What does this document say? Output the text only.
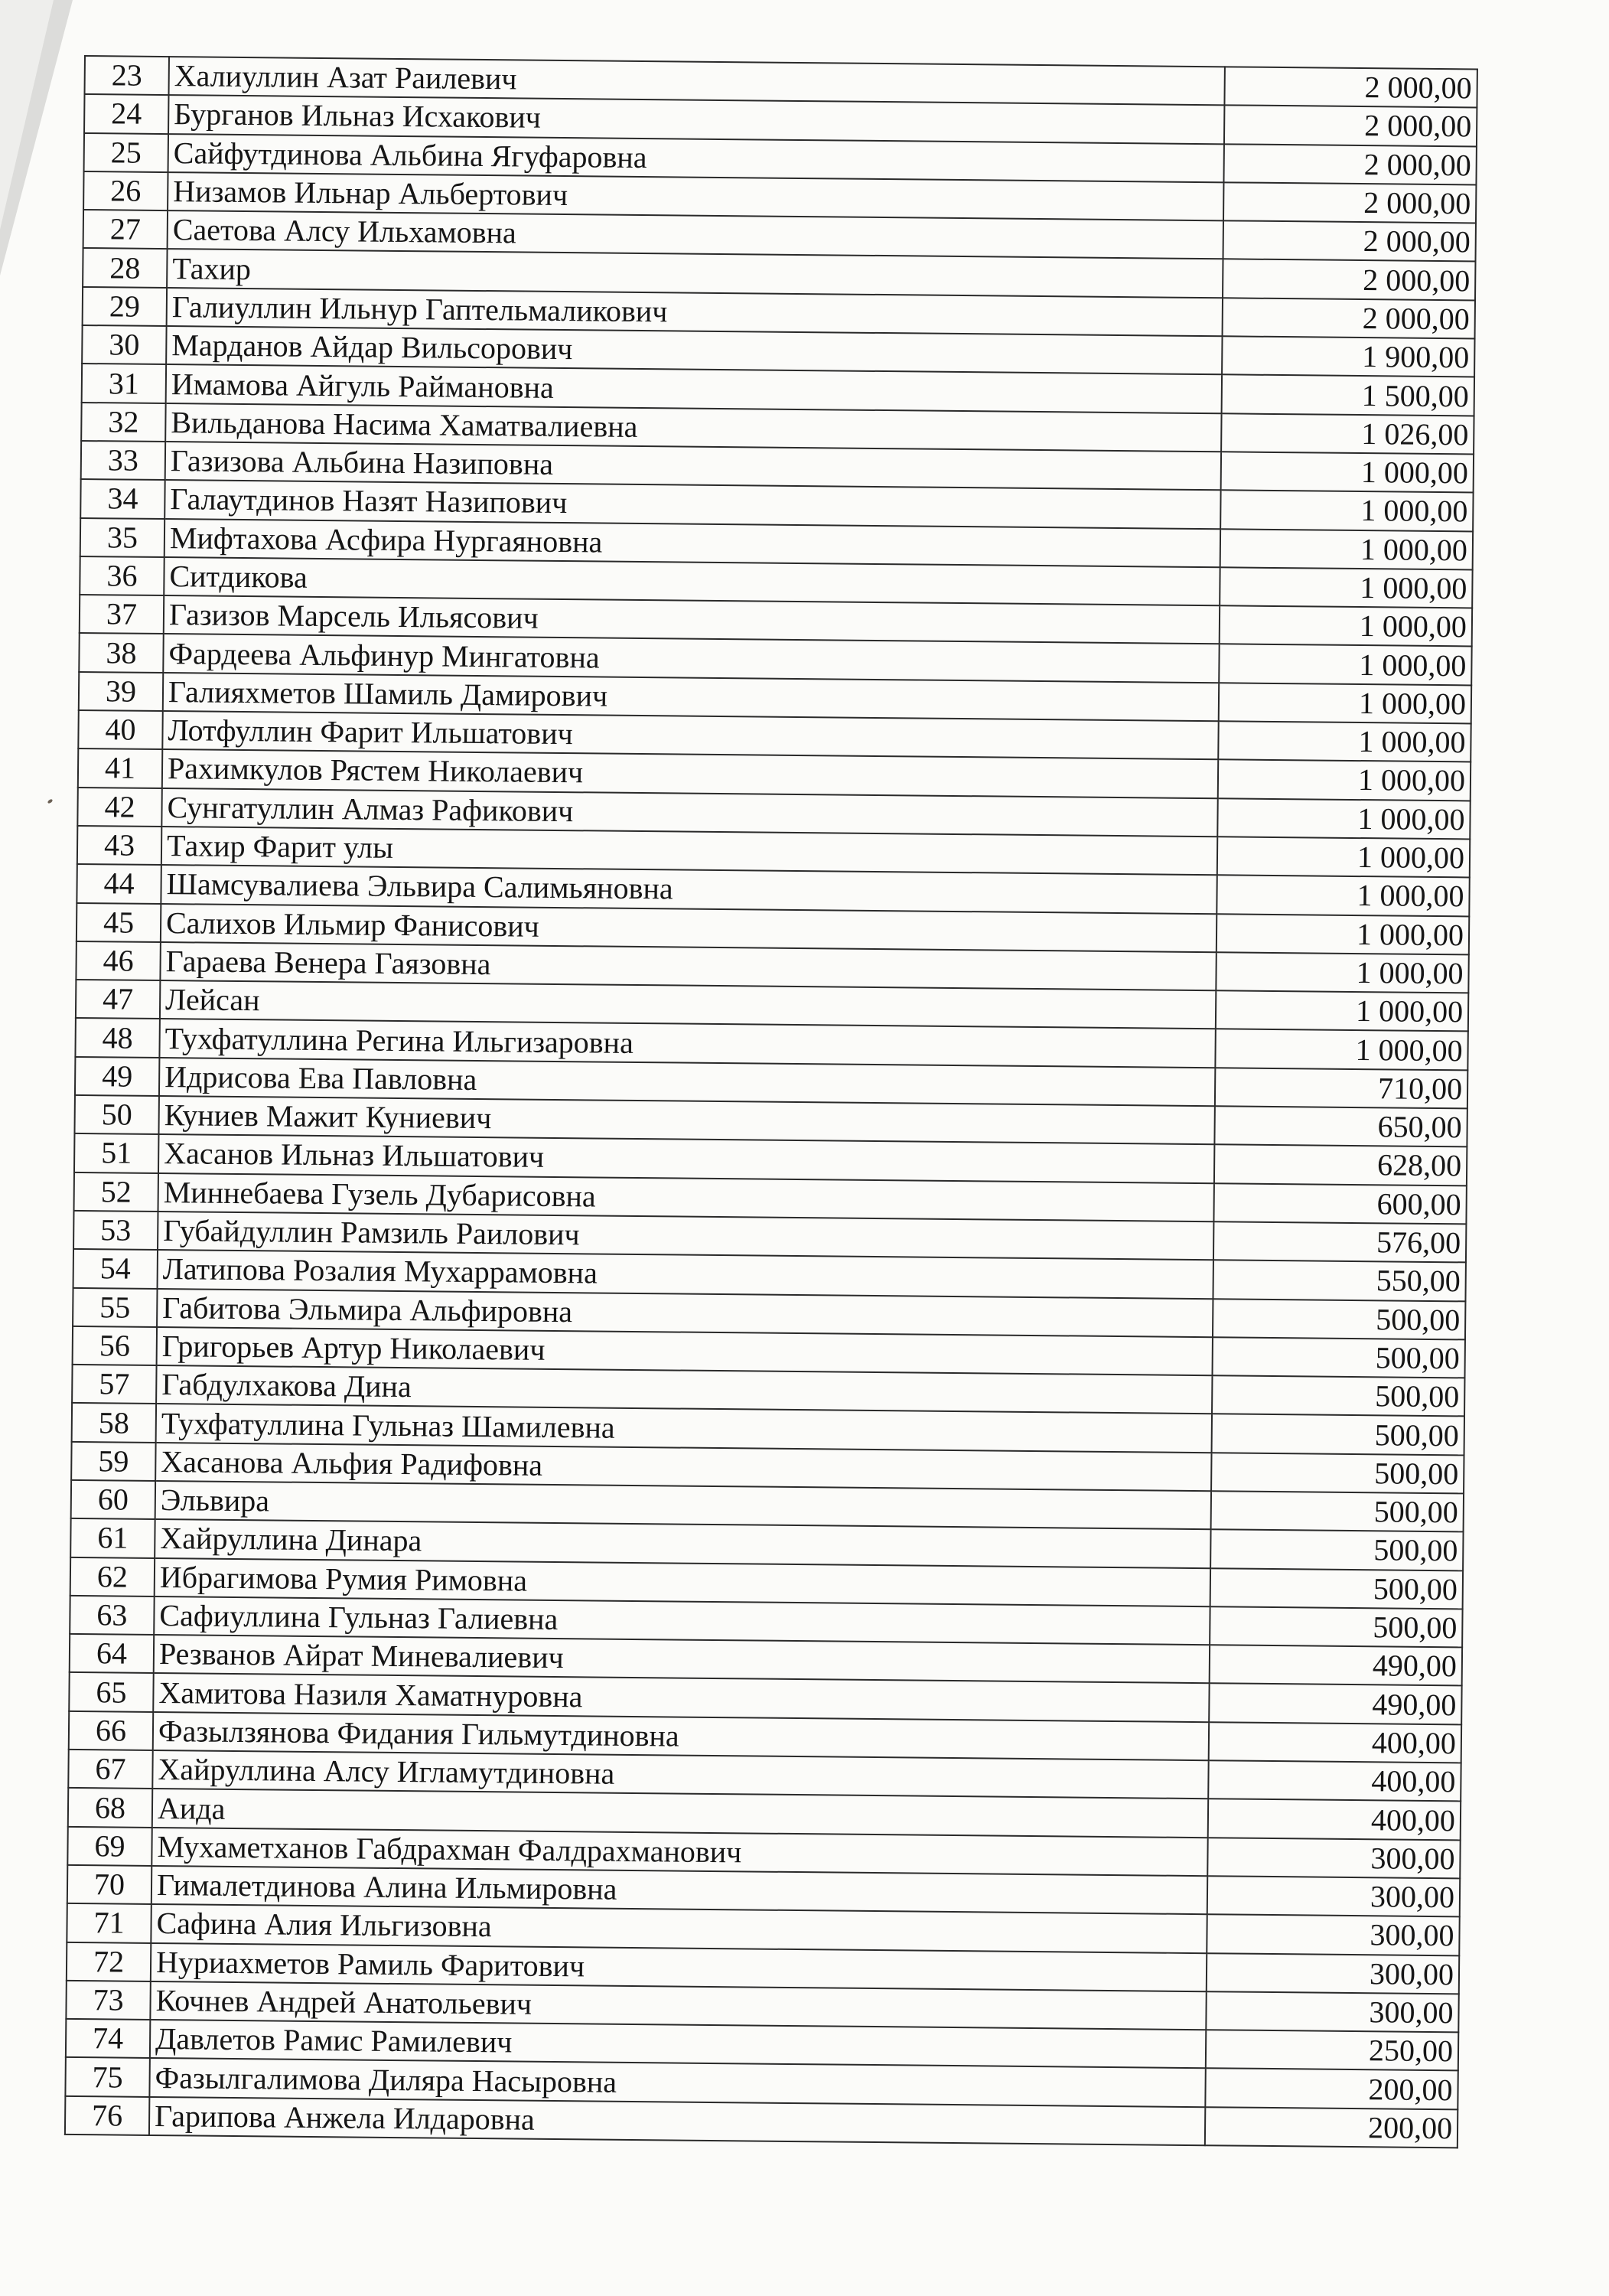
23	Халиуллин Азат Раилевич	2 000,00
24	Бурганов Ильназ Исхакович	2 000,00
25	Сайфутдинова Альбина Ягуфаровна	2 000,00
26	Низамов Ильнар Альбертович	2 000,00
27	Саетова Алсу Ильхамовна	2 000,00
28	Тахир	2 000,00
29	Галиуллин Ильнур Гаптельмаликович	2 000,00
30	Марданов Айдар Вильсорович	1 900,00
31	Имамова Айгуль Раймановна	1 500,00
32	Вильданова Насима Хаматвалиевна	1 026,00
33	Газизова Альбина Назиповна	1 000,00
34	Галаутдинов Назят Назипович	1 000,00
35	Мифтахова Асфира Нургаяновна	1 000,00
36	Ситдикова	1 000,00
37	Газизов Марсель Ильясович	1 000,00
38	Фардеева Альфинур Мингатовна	1 000,00
39	Галияхметов Шамиль Дамирович	1 000,00
40	Лотфуллин Фарит Ильшатович	1 000,00
41	Рахимкулов Рястем Николаевич	1 000,00
42	Сунгатуллин Алмаз Рафикович	1 000,00
43	Тахир Фарит улы	1 000,00
44	Шамсувалиева Эльвира Салимьяновна	1 000,00
45	Салихов Ильмир Фанисович	1 000,00
46	Гараева Венера Гаязовна	1 000,00
47	Лейсан	1 000,00
48	Тухфатуллина Регина Ильгизаровна	1 000,00
49	Идрисова Ева Павловна	710,00
50	Куниев Мажит Куниевич	650,00
51	Хасанов Ильназ Ильшатович	628,00
52	Миннебаева Гузель Дубарисовна	600,00
53	Губайдуллин Рамзиль Раилович	576,00
54	Латипова Розалия Мухаррамовна	550,00
55	Габитова Эльмира Альфировна	500,00
56	Григорьев Артур Николаевич	500,00
57	Габдулхакова Дина	500,00
58	Тухфатуллина Гульназ Шамилевна	500,00
59	Хасанова Альфия Радифовна	500,00
60	Эльвира	500,00
61	Хайруллина Динара	500,00
62	Ибрагимова Румия Римовна	500,00
63	Сафиуллина Гульназ Галиевна	500,00
64	Резванов Айрат Миневалиевич	490,00
65	Хамитова Назиля Хаматнуровна	490,00
66	Фазылзянова Фидания Гильмутдиновна	400,00
67	Хайруллина Алсу Игламутдиновна	400,00
68	Аида	400,00
69	Мухаметханов Габдрахман Фалдрахманович	300,00
70	Гималетдинова Алина Ильмировна	300,00
71	Сафина Алия Ильгизовна	300,00
72	Нуриахметов Рамиль Фаритович	300,00
73	Кочнев Андрей Анатольевич	300,00
74	Давлетов Рамис Рамилевич	250,00
75	Фазылгалимова Диляра Насыровна	200,00
76	Гарипова Анжела Илдаровна	200,00
